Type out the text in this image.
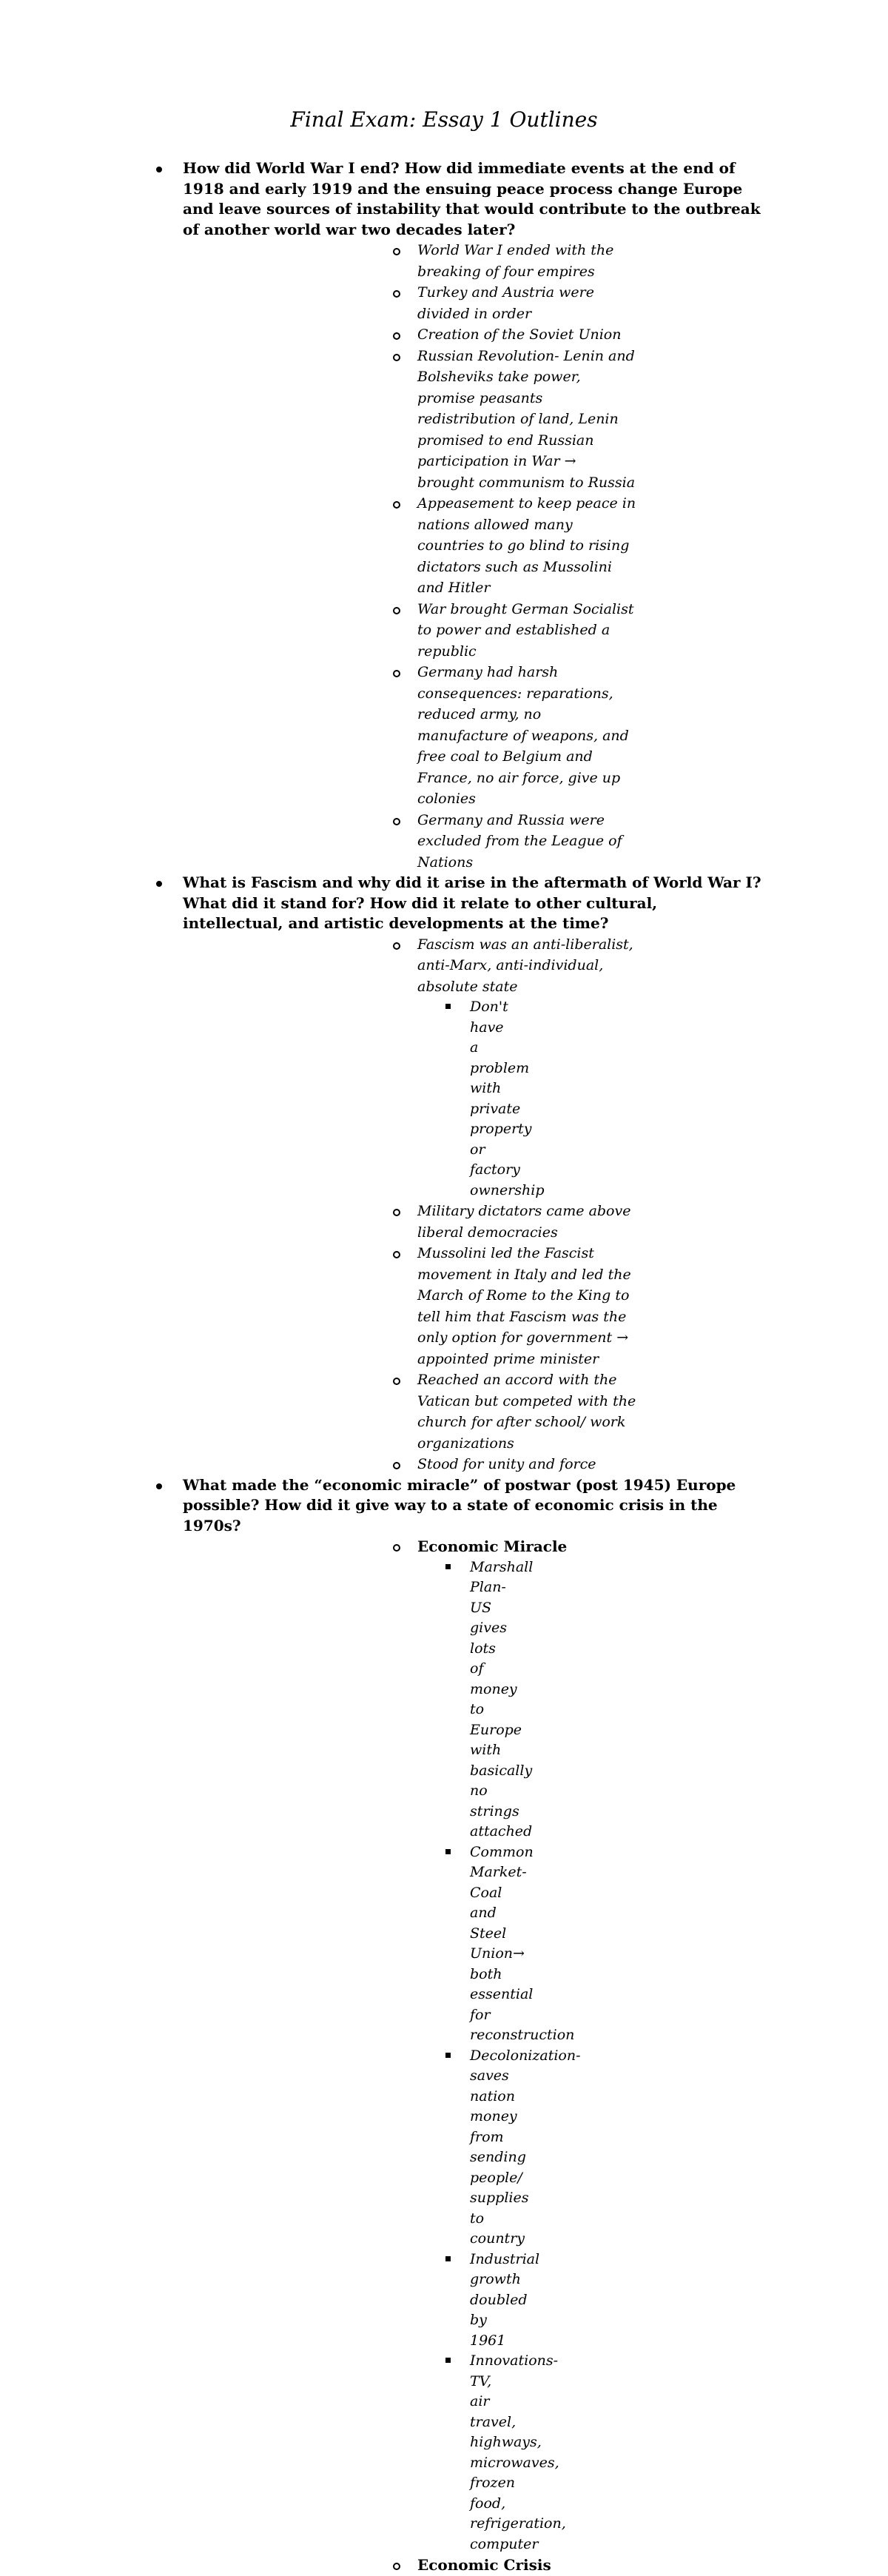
Final Exam: Essay 1 Outlines
How did World War I end? How did immediate events at the end of 1918 and early 1919 and the ensuing peace process change Europe and leave sources of instability that would contribute to the outbreak of another world war two decades later?
World War I ended with the breaking of four empires
Turkey and Austria were divided in order
Creation of the Soviet Union
Russian Revolution- Lenin and Bolsheviks take power, promise peasants redistribution of land, Lenin promised to end Russian participation in War → brought communism to Russia
Appeasement to keep peace in nations allowed many countries to go blind to rising dictators such as Mussolini and Hitler
War brought German Socialist to power and established a republic
Germany had harsh consequences: reparations, reduced army, no manufacture of weapons, and free coal to Belgium and France, no air force, give up colonies
Germany and Russia were excluded from the League of Nations
What is Fascism and why did it arise in the aftermath of World War I? What did it stand for? How did it relate to other cultural, intellectual, and artistic developments at the time?
Fascism was an anti-liberalist, anti-Marx, anti-individual, absolute state
Don't have a problem with private property or factory ownership
Military dictators came above liberal democracies
Mussolini led the Fascist movement in Italy and led the March of Rome to the King to tell him that Fascism was the only option for government → appointed prime minister
Reached an accord with the Vatican but competed with the church for after school/ work organizations
Stood for unity and force
What made the “economic miracle” of postwar (post 1945) Europe possible? How did it give way to a state of economic crisis in the 1970s?
Economic Miracle
Marshall Plan- US gives lots of money to Europe with basically no strings attached
Common Market- Coal and Steel Union→ both essential for reconstruction
Decolonization- saves nation money from sending people/ supplies to country
Industrial growth doubled by 1961
Innovations- TV, air travel, highways, microwaves, frozen food, refrigeration, computer
Economic Crisis
